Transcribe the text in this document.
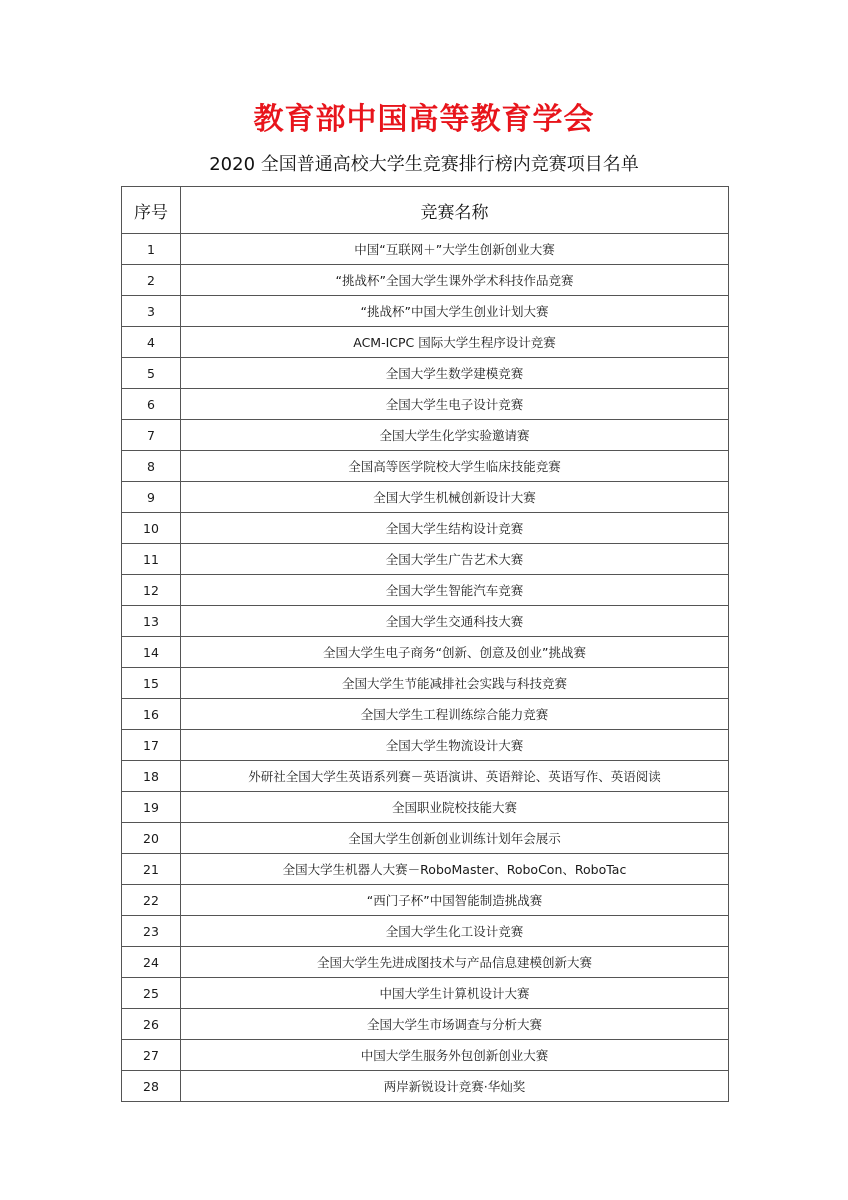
教育部中国高等教育学会
2020 全国普通高校大学生竞赛排行榜内竞赛项目名单
序号	竞赛名称
1	中国“互联网＋”大学生创新创业大赛
2	“挑战杯”全国大学生课外学术科技作品竞赛
3	“挑战杯”中国大学生创业计划大赛
4	ACM-ICPC 国际大学生程序设计竞赛
5	全国大学生数学建模竞赛
6	全国大学生电子设计竞赛
7	全国大学生化学实验邀请赛
8	全国高等医学院校大学生临床技能竞赛
9	全国大学生机械创新设计大赛
10	全国大学生结构设计竞赛
11	全国大学生广告艺术大赛
12	全国大学生智能汽车竞赛
13	全国大学生交通科技大赛
14	全国大学生电子商务“创新、创意及创业”挑战赛
15	全国大学生节能减排社会实践与科技竞赛
16	全国大学生工程训练综合能力竞赛
17	全国大学生物流设计大赛
18	外研社全国大学生英语系列赛－英语演讲、英语辩论、英语写作、英语阅读
19	全国职业院校技能大赛
20	全国大学生创新创业训练计划年会展示
21	全国大学生机器人大赛－RoboMaster、RoboCon、RoboTac
22	“西门子杯”中国智能制造挑战赛
23	全国大学生化工设计竞赛
24	全国大学生先进成图技术与产品信息建模创新大赛
25	中国大学生计算机设计大赛
26	全国大学生市场调查与分析大赛
27	中国大学生服务外包创新创业大赛
28	两岸新锐设计竞赛·华灿奖
